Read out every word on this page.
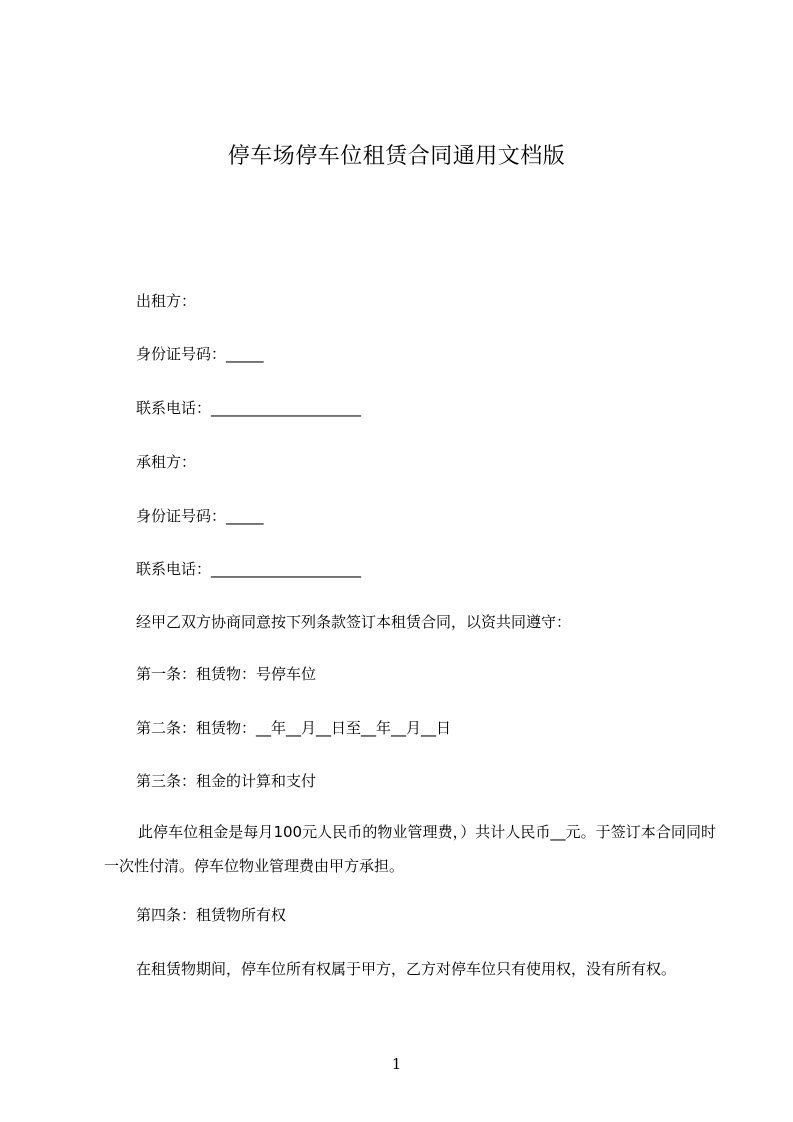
停车场停车位租赁合同通用文档版
出租方：
身份证号码：_____
联系电话：____________________
承租方：
身份证号码：_____
联系电话：____________________
经甲乙双方协商同意按下列条款签订本租赁合同，以资共同遵守：
第一条：租赁物：号停车位
第二条：租赁物：__年__月__日至__年__月__日
第三条：租金的计算和支付
此停车位租金是每月100元人民币的物业管理费，）共计人民币__元。于签订本合同同时一次性付清。停车位物业管理费由甲方承担。
第四条：租赁物所有权
在租赁物期间，停车位所有权属于甲方，乙方对停车位只有使用权，没有所有权。
1
